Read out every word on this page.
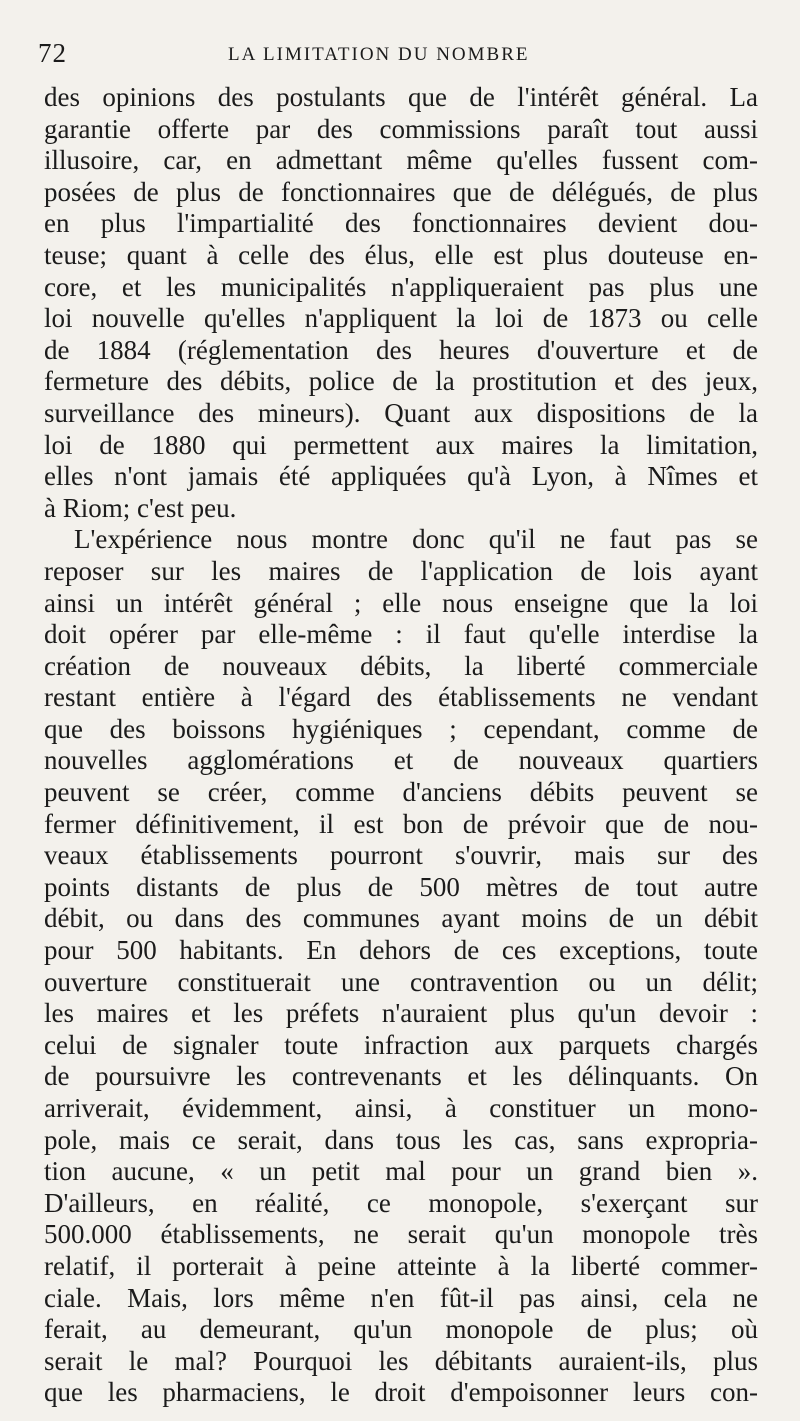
72	LA LIMITATION DU NOMBRE
des opinions des postulants que de l'intérêt général. La
garantie offerte par des commissions paraît tout aussi
illusoire, car, en admettant même qu'elles fussent com-
posées de plus de fonctionnaires que de délégués, de plus
en plus l'impartialité des fonctionnaires devient dou-
teuse; quant à celle des élus, elle est plus douteuse en-
core, et les municipalités n'appliqueraient pas plus une
loi nouvelle qu'elles n'appliquent la loi de 1873 ou celle
de 1884 (réglementation des heures d'ouverture et de
fermeture des débits, police de la prostitution et des jeux,
surveillance des mineurs). Quant aux dispositions de la
loi de 1880 qui permettent aux maires la limitation,
elles n'ont jamais été appliquées qu'à Lyon, à Nîmes et
à Riom; c'est peu.
L'expérience nous montre donc qu'il ne faut pas se
reposer sur les maires de l'application de lois ayant
ainsi un intérêt général ; elle nous enseigne que la loi
doit opérer par elle-même : il faut qu'elle interdise la
création de nouveaux débits, la liberté commerciale
restant entière à l'égard des établissements ne vendant
que des boissons hygiéniques ; cependant, comme de
nouvelles agglomérations et de nouveaux quartiers
peuvent se créer, comme d'anciens débits peuvent se
fermer définitivement, il est bon de prévoir que de nou-
veaux établissements pourront s'ouvrir, mais sur des
points distants de plus de 500 mètres de tout autre
débit, ou dans des communes ayant moins de un débit
pour 500 habitants. En dehors de ces exceptions, toute
ouverture constituerait une contravention ou un délit;
les maires et les préfets n'auraient plus qu'un devoir :
celui de signaler toute infraction aux parquets chargés
de poursuivre les contrevenants et les délinquants. On
arriverait, évidemment, ainsi, à constituer un mono-
pole, mais ce serait, dans tous les cas, sans expropria-
tion aucune, « un petit mal pour un grand bien ».
D'ailleurs, en réalité, ce monopole, s'exerçant sur
500.000 établissements, ne serait qu'un monopole très
relatif, il porterait à peine atteinte à la liberté commer-
ciale. Mais, lors même n'en fût-il pas ainsi, cela ne
ferait, au demeurant, qu'un monopole de plus; où
serait le mal? Pourquoi les débitants auraient-ils, plus
que les pharmaciens, le droit d'empoisonner leurs con-
